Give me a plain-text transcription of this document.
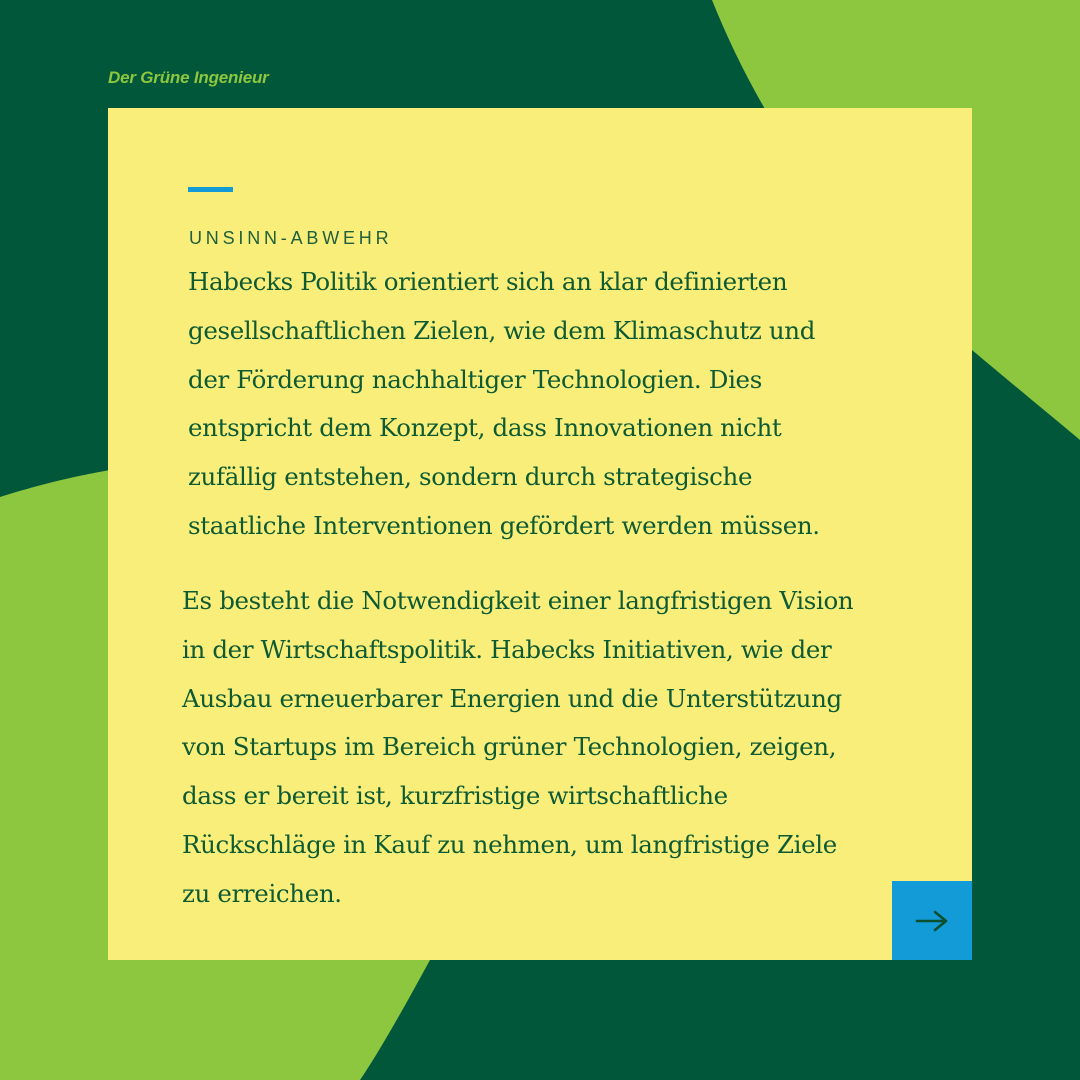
Der Grüne Ingenieur
UNSINN-ABWEHR

Habecks Politik orientiert sich an klar definierten
gesellschaftlichen Zielen, wie dem Klimaschutz und
der Förderung nachhaltiger Technologien. Dies
entspricht dem Konzept, dass Innovationen nicht
zufällig entstehen, sondern durch strategische
staatliche Interventionen gefördert werden müssen.

Es besteht die Notwendigkeit einer langfristigen Vision
in der Wirtschaftspolitik. Habecks Initiativen, wie der
Ausbau erneuerbarer Energien und die Unterstützung
von Startups im Bereich grüner Technologien, zeigen,
dass er bereit ist, kurzfristige wirtschaftliche
Rückschläge in Kauf zu nehmen, um langfristige Ziele
zu erreichen.
